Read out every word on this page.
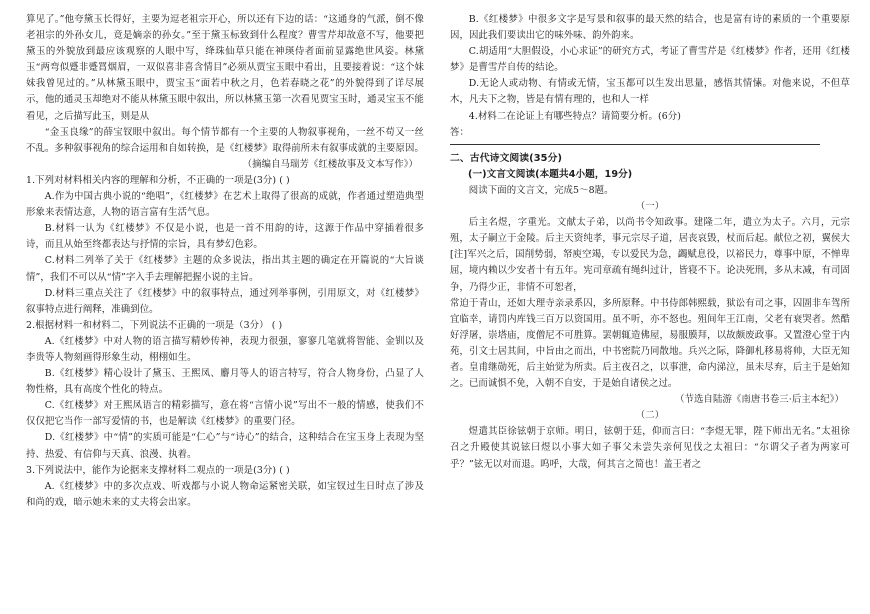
算见了。”他夸黛玉长得好，主要为逗老祖宗开心，所以还有下边的话：“这通身的气派，倒不像老祖宗的外孙女儿，竟是嫡亲的孙女。”至于黛玉标致到什么程度？曹雪芹却故意不写，他要把黛玉的外貌放到最应该观察的人眼中写，绛珠仙草只能在神瑛侍者面前显露绝世风姿。林黛玉“两弯似蹙非蹙罥烟眉，一双似喜非喜含情目”必须从贾宝玉眼中看出，且要接着说：“这个妹妹我曾见过的。”从林黛玉眼中，贾宝玉“面若中秋之月，色若春晓之花”的外貌得到了详尽展示，他的通灵玉却绝对不能从林黛玉眼中叙出，所以林黛玉第一次看见贾宝玉时，通灵宝玉不能看见，之后描写此玉，则是从

“金玉良缘”的薛宝钗眼中叙出。每个情节都有一个主要的人物叙事视角，一丝不苟又一丝不乱。多种叙事视角的综合运用和自如转换，是《红楼梦》取得前所未有叙事成就的主要原因。

（摘编自马瑞芳《红楼故事及文本写作》）

1.下列对材料相关内容的理解和分析，不正确的一项是(3分) ( )

A.作为中国古典小说的“绝唱”，《红楼梦》在艺术上取得了很高的成就，作者通过塑造典型形象来表情达意，人物的语言富有生活气息。

B.材料一认为《红楼梦》不仅是小说，也是一首不用韵的诗，这源于作品中穿插着很多诗，而且从始至终都表达与抒情的宗旨，具有梦幻色彩。

C.材料二列举了关于《红楼梦》主题的众多说法，指出其主题的确定在开篇说的“大旨谈情”，我们不可以从“情”字入手去理解把握小说的主旨。

D.材料三重点关注了《红楼梦》中的叙事特点，通过列举事例，引用原文，对《红楼梦》叙事特点进行阐释，准确到位。

2.根据材料一和材料二，下列说法不正确的一项是（3分） ( )

A.《红楼梦》中对人物的语言描写精妙传神，表现力很强，寥寥几笔就将智能、金钏以及李贵等人物刻画得形象生动，栩栩如生。

B.《红楼梦》精心设计了黛玉、王熙凤、麝月等人的语言特写，符合人物身份，凸显了人物性格，具有高度个性化的特点。

C.《红楼梦》对王熙凤语言的精彩描写，意在将“言情小说”写出不一般的情感，使我们不仅仅把它当作一部写爱情的书，也是解读《红楼梦》的重要门径。

D.《红楼梦》中“情”的实质可能是“仁心”与“诗心”的结合，这种结合在宝玉身上表现为坚持、热爱、有信仰与天真、浪漫、执着。

3.下列说法中，能作为论据来支撑材料二观点的一项是(3分) ( )

A.《红楼梦》中的多次点戏、听戏都与小说人物命运紧密关联，如宝钗过生日时点了涉及和尚的戏，暗示她未来的丈夫将会出家。

B.《红楼梦》中很多文字是写景和叙事的最天然的结合，也是富有诗的素质的一个重要原因，因此我们要读出它的味外味、韵外韵来。

C.胡适用“大胆假设，小心求证”的研究方式，考证了曹雪芹是《红楼梦》作者，还用《红楼梦》是曹雪芹自传的结论。

D.无论人或动物、有情或无情，宝玉都可以生发出思量，感悟其情愫。对他来说，不但草木，凡夫下之物，皆是有情有理的，也和人一样

4.材料二在论证上有哪些特点？请简要分析。(6分)

答：

二、古代诗文阅读(35分)

(一)文言文阅读(本题共4小题，19分)

阅读下面的文言文，完成5～8题。

（一）

后主名煜，字重光。文献太子弟，以尚书令知政事。建隆二年，遣立为太子。六月，元宗殂，太子嗣立于金陵。后主天资纯孝，事元宗尽子道，居丧哀毁，杖而后起。献位之初，翼侯大[注]军兴之后，国削势弱，帑庾空竭，专以爱民为急，蠲赋息役，以裕民力，尊事中原，不惮卑屈，境内赖以少安者十有五年。宪司章疏有绳纠过计，皆寝不下。论决死刑，多从末减，有司固争，乃得少正，非情不可恕者，

常迫于青山，还如大理寺亲录系囚，多所原释。中书侍郎韩熙载，狱讼有司之事，囚圄非车驾所宜临幸，请罚内库钱三百万以资国用。虽不听，亦不怒也。殂间年王江南，父老有衰哭者。然酷好浮屠，崇塔庙，度僧尼不可胜算。罢朝辄造佛屋，易服膜拜，以故颇废政事。又置澄心堂于内苑，引文士居其间，中旨由之而出，中书密院乃同散地。兵兴之际，降御札移易将帅，大臣无知者。皇甫继勋死，后主始觉为所卖。后主夜召之，以事泄，命内涕泣，虽未尽弃，后主于是始知之。已而诚惧不免，入朝不自安，于是始自诸侯之过。

（节选自陆游《南唐书卷三·后主本纪》）

（二）

煜遣其臣徐铉朝于京师。明日，铉朝于廷，仰而言曰：“李煜无罪，陛下师出无名。”太祖徐召之升殿使其说铉曰煜以小事大如子事父未尝失亲何见伐之太祖曰：“尔谓父子者为两家可乎？”铉无以对而退。呜呼，大哉，何其言之简也！盖王者之
